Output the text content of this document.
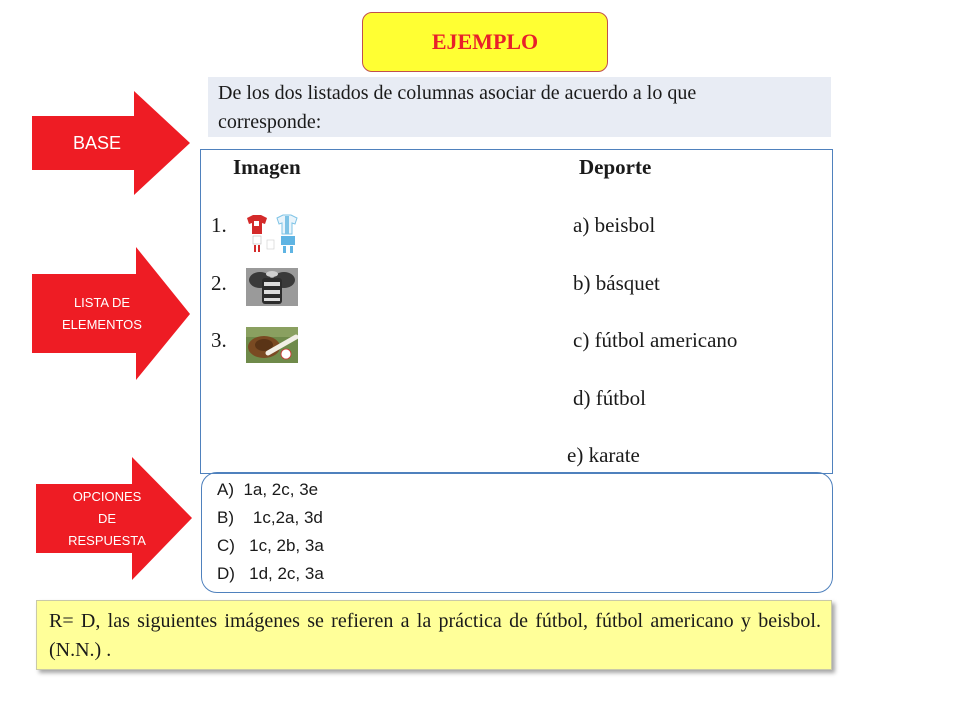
EJEMPLO
BASE
LISTA DE
ELEMENTOS
OPCIONES
DE
RESPUESTA
De los dos listados de columnas asociar de acuerdo a lo que
corresponde:
Imagen	Deporte
1.
2.
3.
a) beisbol
b) básquet
c) fútbol americano
d) fútbol
e) karate
A) 1a, 2c, 3e
B) 1c,2a, 3d
C) 1c, 2b, 3a
D) 1d, 2c, 3a
R= D, las siguientes imágenes se refieren a la práctica de fútbol, fútbol americano y beisbol. (N.N.) .
